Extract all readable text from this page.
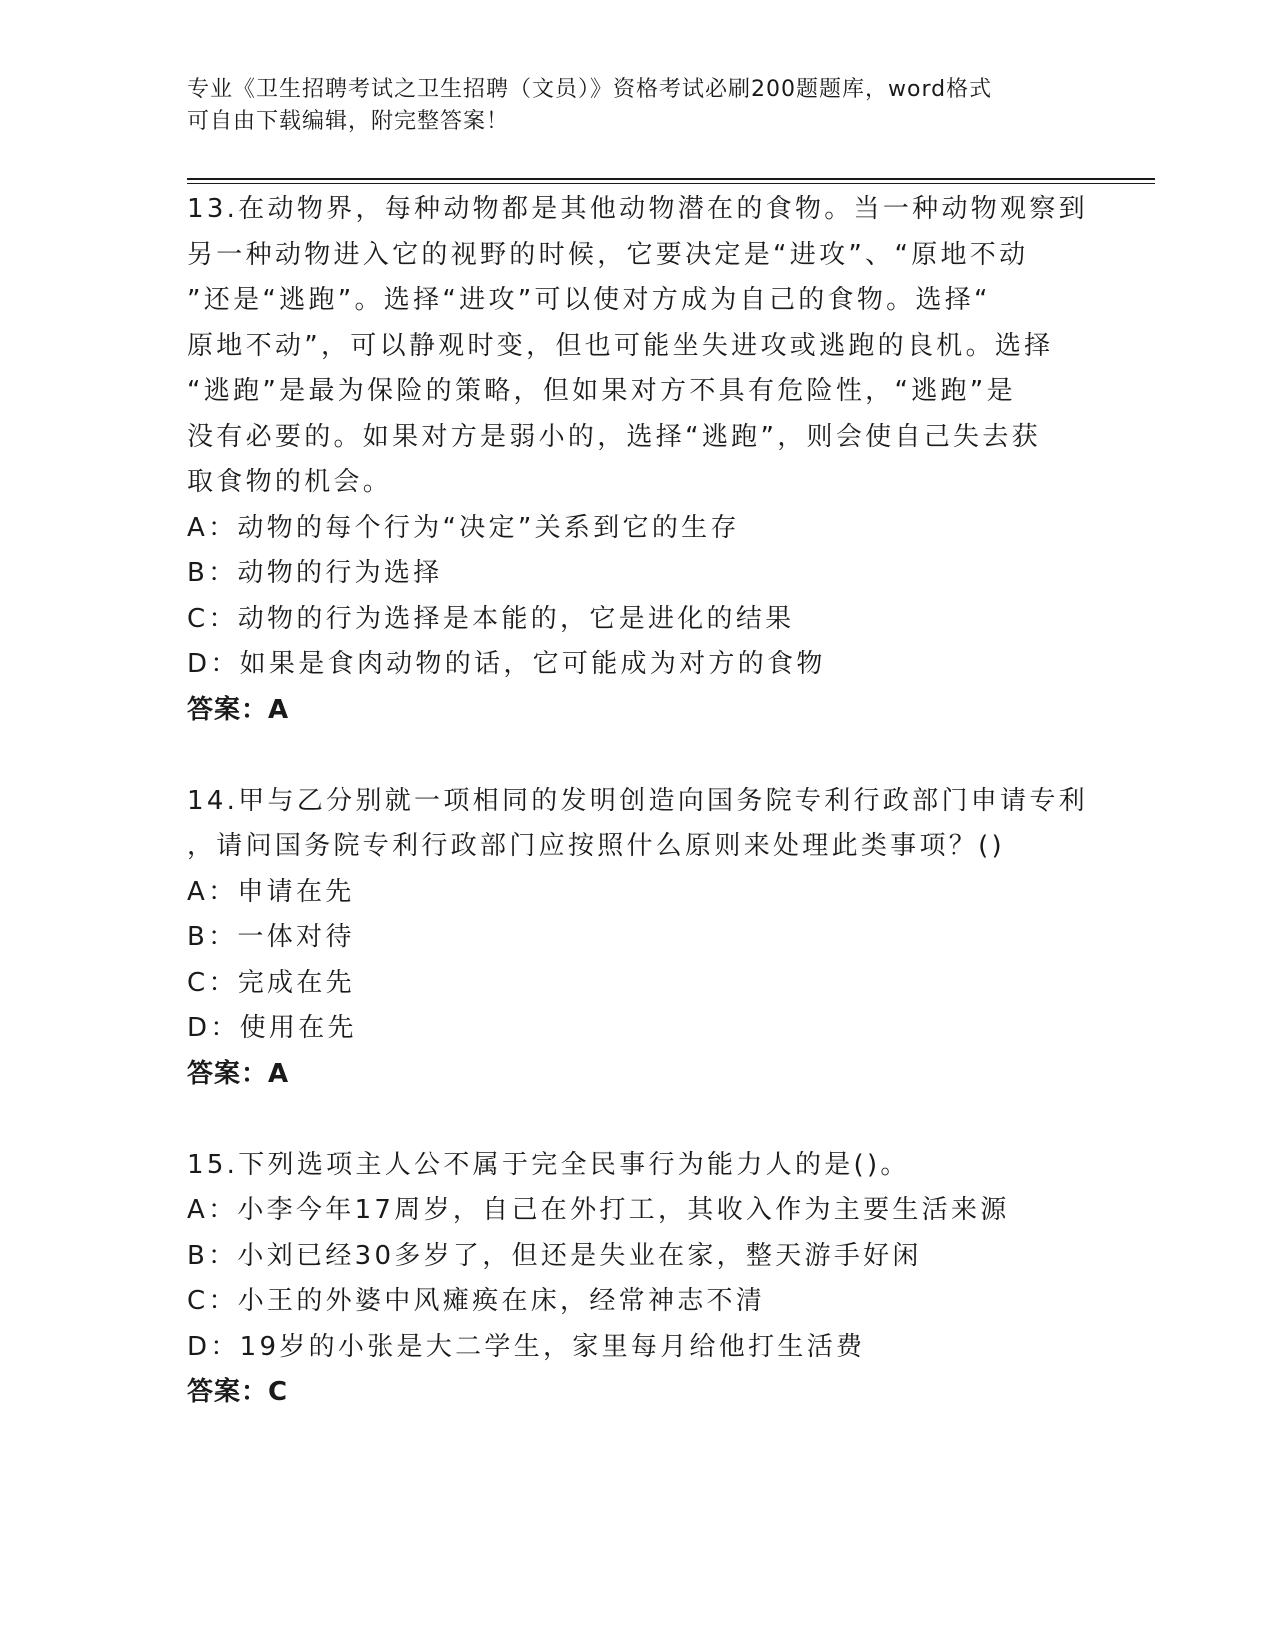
专业《卫生招聘考试之卫生招聘（文员）》资格考试必刷200题题库，word格式
可自由下载编辑，附完整答案！
13.在动物界，每种动物都是其他动物潜在的食物。当一种动物观察到
另一种动物进入它的视野的时候，它要决定是“进攻”、“原地不动
”还是“逃跑”。选择“进攻”可以使对方成为自己的食物。选择“
原地不动”，可以静观时变，但也可能坐失进攻或逃跑的良机。选择
“逃跑”是最为保险的策略，但如果对方不具有危险性，“逃跑”是
没有必要的。如果对方是弱小的，选择“逃跑”，则会使自己失去获
取食物的机会。
A：动物的每个行为“决定”关系到它的生存
B：动物的行为选择
C：动物的行为选择是本能的，它是进化的结果
D：如果是食肉动物的话，它可能成为对方的食物
答案：A
14.甲与乙分别就一项相同的发明创造向国务院专利行政部门申请专利
，请问国务院专利行政部门应按照什么原则来处理此类事项？()
A：申请在先
B：一体对待
C：完成在先
D：使用在先
答案：A
15.下列选项主人公不属于完全民事行为能力人的是()。
A：小李今年17周岁，自己在外打工，其收入作为主要生活来源
B：小刘已经30多岁了，但还是失业在家，整天游手好闲
C：小王的外婆中风瘫痪在床，经常神志不清
D：19岁的小张是大二学生，家里每月给他打生活费
答案：C
